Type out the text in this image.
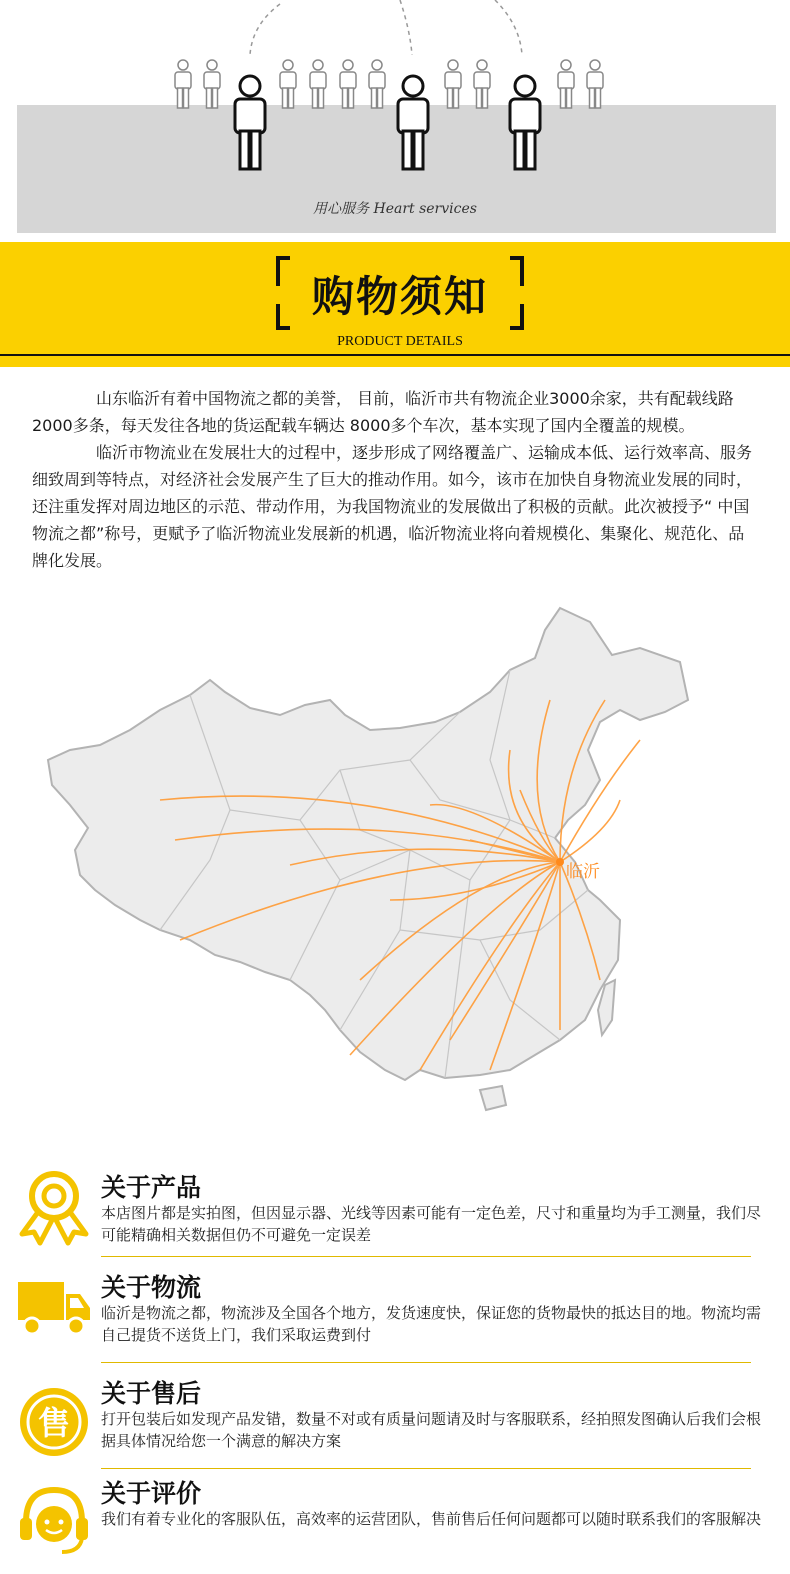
用心服务 Heart services
购物须知
PRODUCT DETAILS

山东临沂有着中国物流之都的美誉， 目前，临沂市共有物流企业3000余家，共有配载线路2000多条，每天发往各地的货运配载车辆达 8000多个车次，基本实现了国内全覆盖的规模。

临沂市物流业在发展壮大的过程中，逐步形成了网络覆盖广、运输成本低、运行效率高、服务细致周到等特点，对经济社会发展产生了巨大的推动作用。如今，该市在加快自身物流业发展的同时，还注重发挥对周边地区的示范、带动作用，为我国物流业的发展做出了积极的贡献。此次被授予“ 中国物流之都”称号，更赋予了临沂物流业发展新的机遇，临沂物流业将向着规模化、集聚化、规范化、品牌化发展。

临沂
关于产品
本店图片都是实拍图，但因显示器、光线等因素可能有一定色差，尺寸和重量均为手工测量，我们尽可能精确相关数据但仍不可避免一定误差
关于物流
临沂是物流之都，物流涉及全国各个地方，发货速度快，保证您的货物最快的抵达目的地。物流均需自己提货不送货上门，我们采取运费到付
售
关于售后
打开包装后如发现产品发错，数量不对或有质量问题请及时与客服联系，经拍照发图确认后我们会根据具体情况给您一个满意的解决方案
关于评价
我们有着专业化的客服队伍，高效率的运营团队，售前售后任何问题都可以随时联系我们的客服解决
